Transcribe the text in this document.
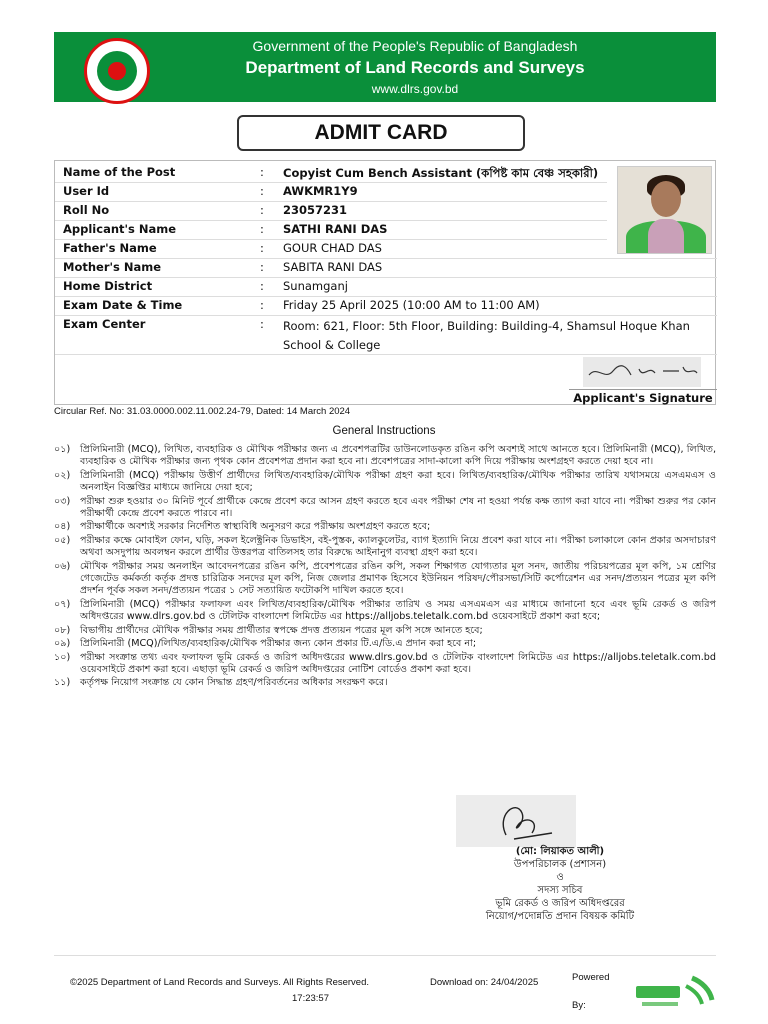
Government of the People's Republic of Bangladesh
Department of Land Records and Surveys
www.dlrs.gov.bd
ADMIT CARD
Name of the Post	: Copyist Cum Bench Assistant (কপিষ্ট কাম বেঞ্চ সহকারী)
User Id	: AWKMR1Y9
Roll No	: 23057231
Applicant's Name	: SATHI RANI DAS
Father's Name	: GOUR CHAD DAS
Mother's Name	: SABITA RANI DAS
Home District	: Sunamganj
Exam Date & Time	: Friday 25 April 2025 (10:00 AM to 11:00 AM)
Exam Center	: Room: 621, Floor: 5th Floor, Building: Building-4, Shamsul Hoque Khan School & College
Applicant's Signature
Circular Ref. No: 31.03.0000.002.11.002.24-79, Dated: 14 March 2024
General Instructions
০১)	প্রিলিমিনারী (MCQ), লিখিত, ব্যবহারিক ও মৌখিক পরীক্ষার জন্য এ প্রবেশপত্রটির ডাউনলোডকৃত রঙিন কপি অবশ্যই সাথে আনতে হবে। প্রিলিমিনারী (MCQ), লিখিত, ব্যবহারিক ও মৌখিক পরীক্ষার জন্য পৃথক কোন প্রবেশপত্র প্রদান করা হবে না। প্রবেশপত্রের সাদা-কালো কপি দিয়ে পরীক্ষায় অংশগ্রহণ করতে দেয়া হবে না।
০২)	প্রিলিমিনারী (MCQ) পরীক্ষায় উত্তীর্ণ প্রার্থীদের লিখিত/ব্যবহারিক/মৌখিক পরীক্ষা গ্রহণ করা হবে। লিখিত/ব্যবহারিক/মৌখিক পরীক্ষার তারিখ যথাসময়ে এসএমএস ও অনলাইন বিজ্ঞপ্তির মাধ্যমে জানিয়ে দেয়া হবে;
০৩)	পরীক্ষা শুরু হওয়ার ৩০ মিনিট পূর্বে প্রার্থীকে কেন্দ্রে প্রবেশ করে আসন গ্রহণ করতে হবে এবং পরীক্ষা শেষ না হওয়া পর্যন্ত কক্ষ ত্যাগ করা যাবে না। পরীক্ষা শুরুর পর কোন পরীক্ষার্থী কেন্দ্রে প্রবেশ করতে পারবে না।
০৪)	পরীক্ষার্থীকে অবশ্যই সরকার নির্দেশিত স্বাস্থ্যবিধি অনুসরণ করে পরীক্ষায় অংশগ্রহণ করতে হবে;
০৫)	পরীক্ষার কক্ষে মোবাইল ফোন, ঘড়ি, সকল ইলেক্ট্রনিক ডিভাইস, বই-পুস্তক, ক্যালকুলেটর, ব্যাগ ইত্যাদি নিয়ে প্রবেশ করা যাবে না। পরীক্ষা চলাকালে কোন প্রকার অসদাচারণ অথবা অসদুপায় অবলম্বন করলে প্রার্থীর উত্তরপত্র বাতিলসহ তার বিরুদ্ধে আইনানুগ ব্যবস্থা গ্রহণ করা হবে।
০৬)	মৌখিক পরীক্ষার সময় অনলাইন আবেদনপত্রের রঙিন কপি, প্রবেশপত্রের রঙিন কপি, সকল শিক্ষাগত যোগ্যতার মূল সনদ, জাতীয় পরিচয়পত্রের মূল কপি, ১ম শ্রেণির গেজেটেড কর্মকর্তা কর্তৃক প্রদত্ত চারিত্রিক সনদের মূল কপি, নিজ জেলার প্রমাণক হিসেবে ইউনিয়ন পরিষদ/পৌরসভা/সিটি কর্পোরেশন এর সনদ/প্রত্যয়ন পত্রের মূল কপি প্রদর্শন পূর্বক সকল সনদ/প্রত্যয়ন পত্রের ১ সেট সত্যায়িত ফটোকপি দাখিল করতে হবে।
০৭)	প্রিলিমিনারী (MCQ) পরীক্ষার ফলাফল এবং লিখিত/ব্যবহারিক/মৌখিক পরীক্ষার তারিখ ও সময় এসএমএস এর মাধ্যমে জানানো হবে এবং ভূমি রেকর্ড ও জরিপ অধিদপ্তরের www.dlrs.gov.bd ও টেলিটক বাংলাদেশ লিমিটেড এর https://alljobs.teletalk.com.bd ওয়েবসাইটে প্রকাশ করা হবে;
০৮)	বিভাগীয় প্রার্থীদের মৌখিক পরীক্ষার সময় প্রার্থীতার স্বপক্ষে প্রদত্ত প্রত্যয়ন পত্রের মূল কপি সঙ্গে আনতে হবে;
০৯)	প্রিলিমিনারী (MCQ)/লিখিত/ব্যবহারিক/মৌখিক পরীক্ষার জন্য কোন প্রকার টি.এ/ডি.এ প্রদান করা হবে না;
১০)	পরীক্ষা সংক্রান্ত তথ্য এবং ফলাফল ভূমি রেকর্ড ও জরিপ অধিদপ্তরের www.dlrs.gov.bd ও টেলিটক বাংলাদেশ লিমিটেড এর https://alljobs.teletalk.com.bd ওয়েবসাইটে প্রকাশ করা হবে। এছাড়া ভূমি রেকর্ড ও জরিপ অধিদপ্তরের নোটিশ বোর্ডেও প্রকাশ করা হবে।
১১)	কর্তৃপক্ষ নিয়োগ সংক্রান্ত যে কোন সিদ্ধান্ত গ্রহণ/পরিবর্তনের অধিকার সংরক্ষণ করে।
(মো: লিয়াকত আলী)
উপপরিচালক (প্রশাসন)
ও
সদস্য সচিব
ভূমি রেকর্ড ও জরিপ অধিদপ্তরের
নিয়োগ/পদোন্নতি প্রদান বিষয়ক কমিটি
©2025 Department of Land Records and Surveys. All Rights Reserved.	Download on: 24/04/2025
17:23:57
Powered
By:
